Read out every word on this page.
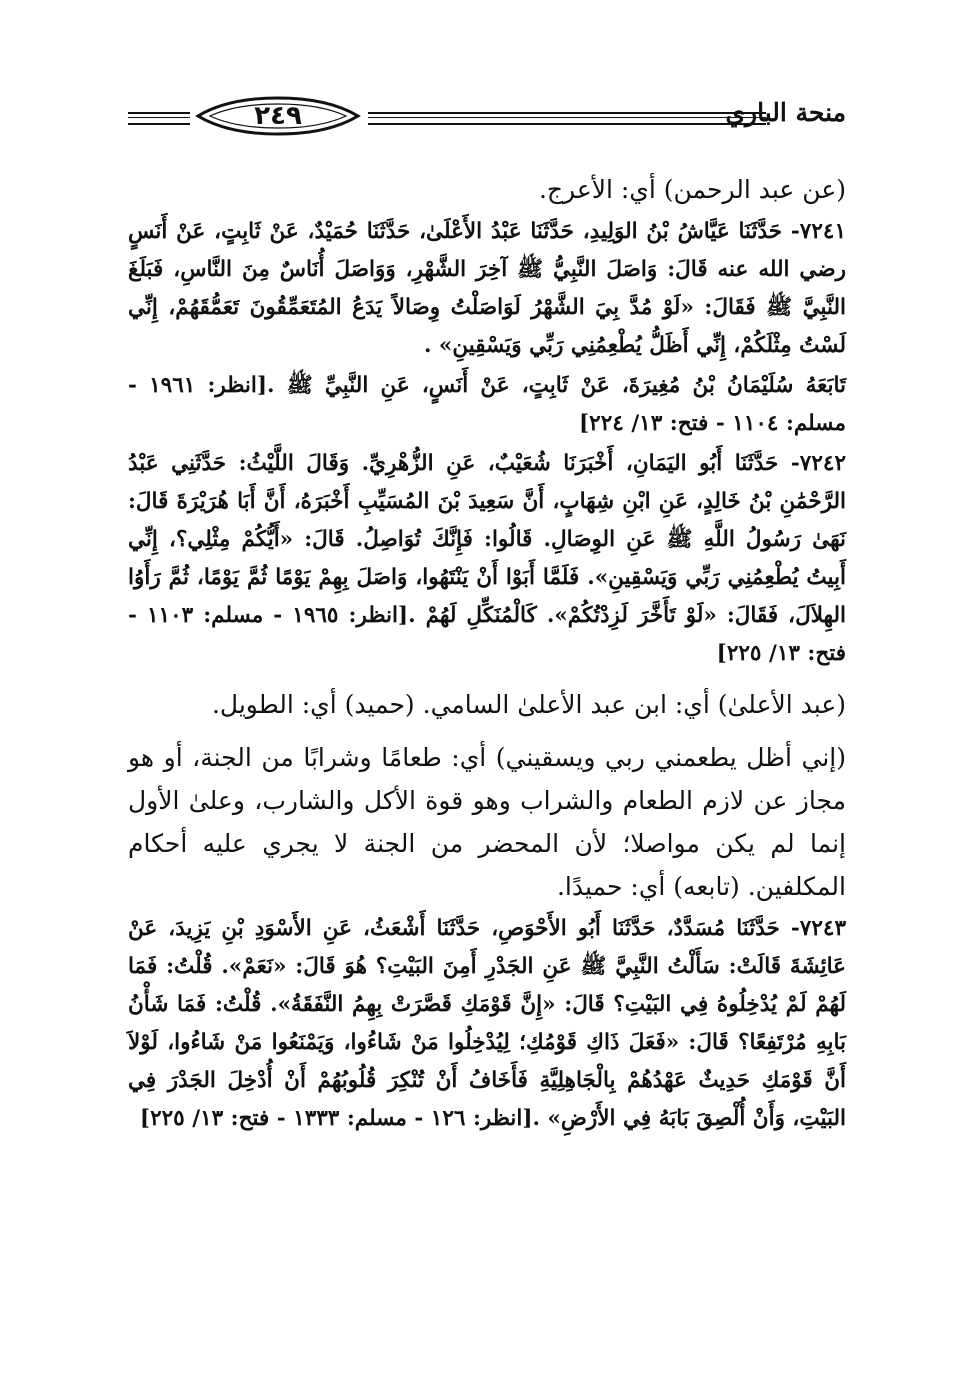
٢٤٩	منحة الباري

(عن عبد الرحمن) أي: الأعرج.

٧٢٤١- حَدَّثَنَا عَيَّاشُ بْنُ الوَلِيدِ، حَدَّثَنَا عَبْدُ الأَعْلَىٰ، حَدَّثَنَا حُمَيْدٌ، عَنْ ثَابِتٍ، عَنْ أَنَسٍ رضي الله عنه قَالَ: وَاصَلَ النَّبِيُّ ﷺ آخِرَ الشَّهْرِ، وَوَاصَلَ أُنَاسٌ مِنَ النَّاسِ، فَبَلَغَ النَّبِيَّ ﷺ فَقَالَ: «لَوْ مُدَّ بِيَ الشَّهْرُ لَوَاصَلْتُ وِصَالاً يَدَعُ المُتَعَمِّقُونَ تَعَمُّقَهُمْ، إِنِّي لَسْتُ مِثْلَكُمْ، إِنِّي أَظَلُّ يُطْعِمُنِي رَبِّي وَيَسْقِينِ» .

تَابَعَهُ سُلَيْمَانُ بْنُ مُغِيرَةَ، عَنْ ثَابِتٍ، عَنْ أَنَسٍ، عَنِ النَّبِيِّ ﷺ .[انظر: ١٩٦١ - مسلم: ١١٠٤ - فتح: ١٣/ ٢٢٤]

٧٢٤٢- حَدَّثَنَا أَبُو اليَمَانِ، أَخْبَرَنَا شُعَيْبٌ، عَنِ الزُّهْرِيِّ. وَقَالَ اللَّيْثُ: حَدَّثَنِي عَبْدُ الرَّحْمَٰنِ بْنُ خَالِدٍ، عَنِ ابْنِ شِهَابٍ، أَنَّ سَعِيدَ بْنَ المُسَيِّبِ أَخْبَرَهُ، أَنَّ أَبَا هُرَيْرَةَ قَالَ: نَهَىٰ رَسُولُ اللَّهِ ﷺ عَنِ الوِصَالِ. قَالُوا: فَإِنَّكَ تُوَاصِلُ. قَالَ: «أَيُّكُمْ مِثْلِي؟، إِنِّي أَبِيتُ يُطْعِمُنِي رَبِّي وَيَسْقِينِ». فَلَمَّا أَبَوْا أَنْ يَنْتَهُوا، وَاصَلَ بِهِمْ يَوْمًا ثُمَّ يَوْمًا، ثُمَّ رَأَوُا الهِلاَلَ، فَقَالَ: «لَوْ تَأَخَّرَ لَزِدْتُكُمْ». كَالْمُنَكِّلِ لَهُمْ .[انظر: ١٩٦٥ - مسلم: ١١٠٣ - فتح: ١٣/ ٢٢٥]

(عبد الأعلىٰ) أي: ابن عبد الأعلىٰ السامي. (حميد) أي: الطويل.

(إني أظل يطعمني ربي ويسقيني) أي: طعامًا وشرابًا من الجنة، أو هو مجاز عن لازم الطعام والشراب وهو قوة الأكل والشارب، وعلىٰ الأول إنما لم يكن مواصلا؛ لأن المحضر من الجنة لا يجري عليه أحكام المكلفين. (تابعه) أي: حميدًا.

٧٢٤٣- حَدَّثَنَا مُسَدَّدٌ، حَدَّثَنَا أَبُو الأَحْوَصِ، حَدَّثَنَا أَشْعَثُ، عَنِ الأَسْوَدِ بْنِ يَزِيدَ، عَنْ عَائِشَةَ قَالَتْ: سَأَلْتُ النَّبِيَّ ﷺ عَنِ الجَدْرِ أَمِنَ البَيْتِ؟ هُوَ قَالَ: «نَعَمْ». قُلْتُ: فَمَا لَهُمْ لَمْ يُدْخِلُوهُ فِي البَيْتِ؟ قَالَ: «إِنَّ قَوْمَكِ قَصَّرَتْ بِهِمُ النَّفَقَةُ». قُلْتُ: فَمَا شَأْنُ بَابِهِ مُرْتَفِعًا؟ قَالَ: «فَعَلَ ذَاكِ قَوْمُكِ؛ لِيُدْخِلُوا مَنْ شَاءُوا، وَيَمْنَعُوا مَنْ شَاءُوا، لَوْلاَ أَنَّ قَوْمَكِ حَدِيثٌ عَهْدُهُمْ بِالْجَاهِلِيَّةِ فَأَخَافُ أَنْ تُنْكِرَ قُلُوبُهُمْ أَنْ أُدْخِلَ الجَدْرَ فِي البَيْتِ، وَأَنْ أُلْصِقَ بَابَهُ فِي الأَرْضِ» .[انظر: ١٢٦ - مسلم: ١٣٣٣ - فتح: ١٣/ ٢٢٥]
